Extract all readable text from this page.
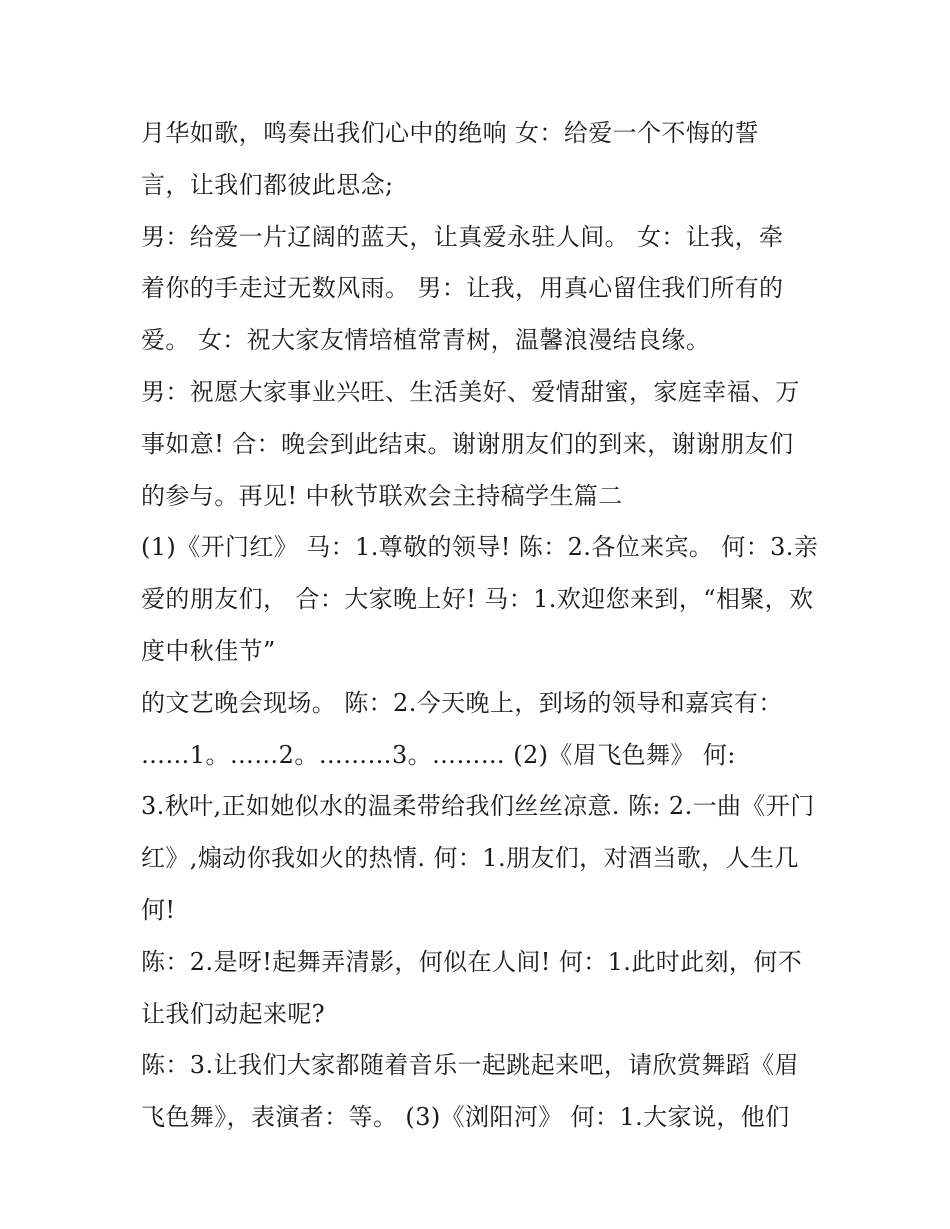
月华如歌，鸣奏出我们心中的绝响 女：给爱一个不悔的誓
言，让我们都彼此思念;
男：给爱一片辽阔的蓝天，让真爱永驻人间。 女：让我，牵
着你的手走过无数风雨。 男：让我，用真心留住我们所有的
爱。 女：祝大家友情培植常青树，温馨浪漫结良缘。
男：祝愿大家事业兴旺、生活美好、爱情甜蜜，家庭幸福、万
事如意! 合：晚会到此结束。谢谢朋友们的到来，谢谢朋友们
的参与。再见! 中秋节联欢会主持稿学生篇二
(1)《开门红》 马：1.尊敬的领导! 陈：2.各位来宾。 何：3.亲
爱的朋友们， 合：大家晚上好! 马：1.欢迎您来到，“相聚，欢
度中秋佳节”
的文艺晚会现场。 陈：2.今天晚上，到场的领导和嘉宾有：
……1。……2。………3。……… (2)《眉飞色舞》 何:
3.秋叶,正如她似水的温柔带给我们丝丝凉意. 陈: 2.一曲《开门
红》,煽动你我如火的热情. 何：1.朋友们，对酒当歌，人生几
何!
陈：2.是呀!起舞弄清影，何似在人间! 何：1.此时此刻，何不
让我们动起来呢?
陈：3.让我们大家都随着音乐一起跳起来吧，请欣赏舞蹈《眉
飞色舞》，表演者：等。 (3)《浏阳河》 何：1.大家说，他们
